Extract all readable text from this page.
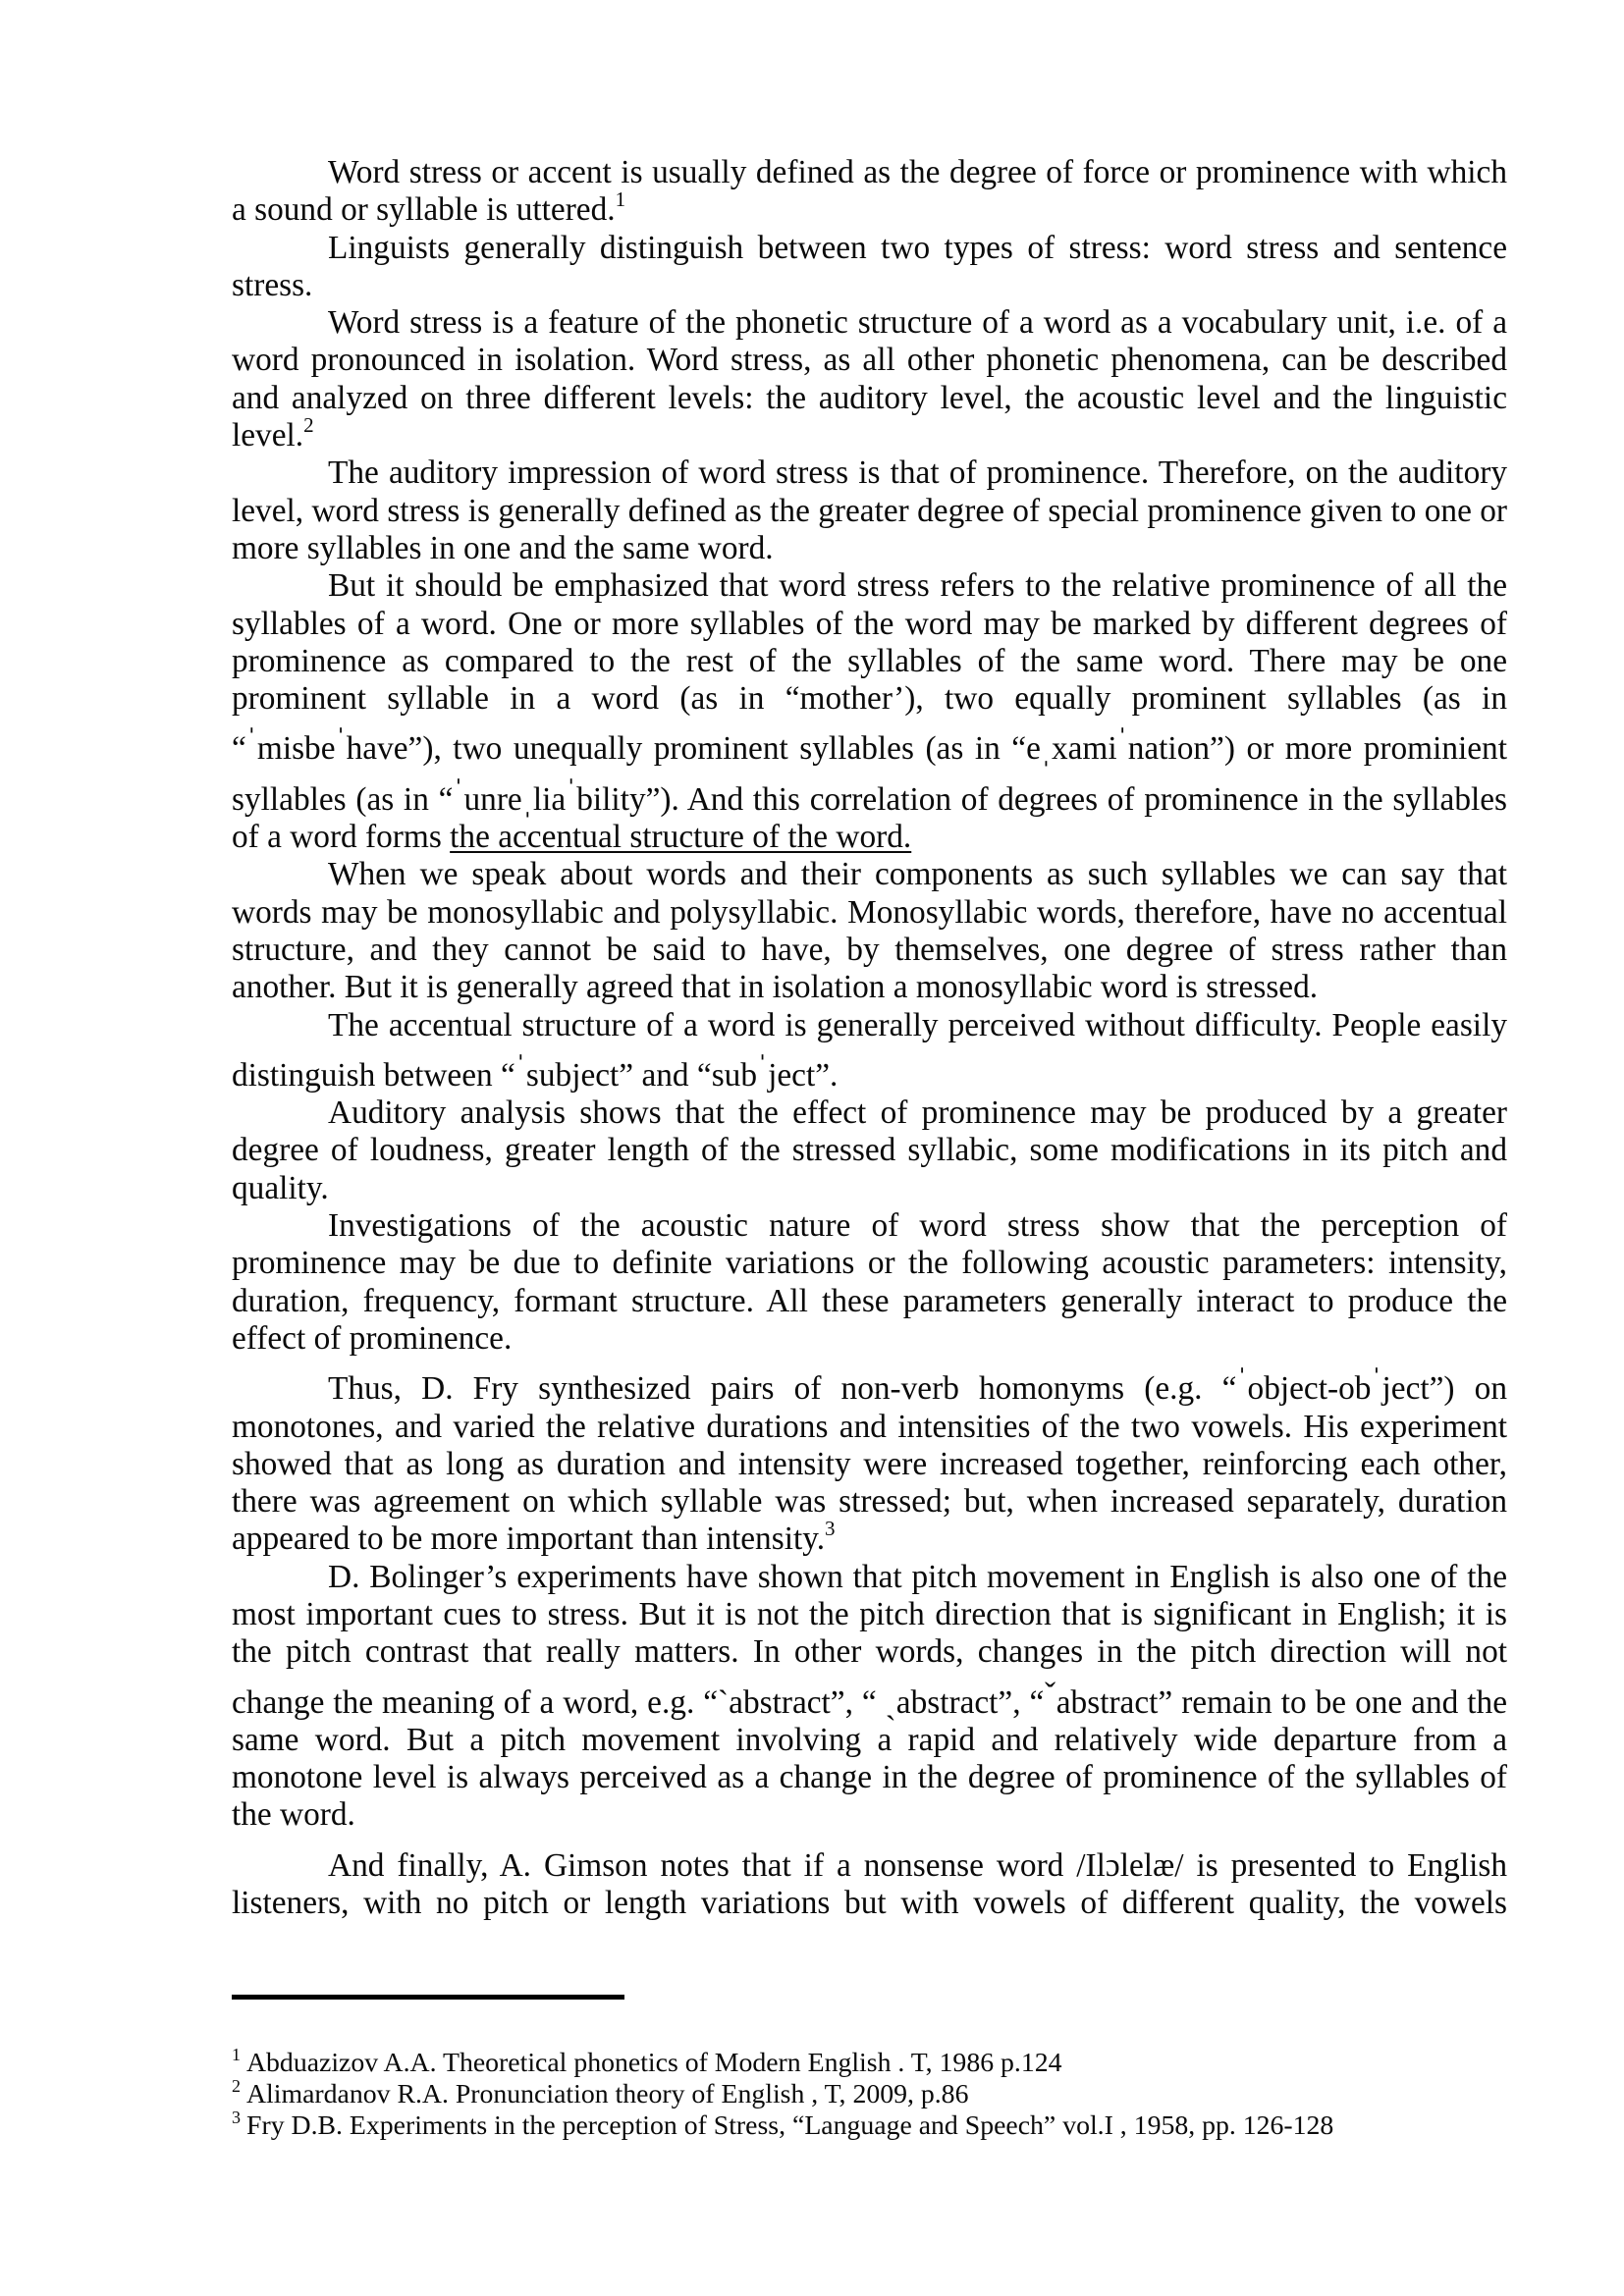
Word stress or accent is usually defined as the degree of force or prominence with which a sound or syllable is uttered.$^1$

Linguists generally distinguish between two types of stress: word stress and sentence stress.

Word stress is a feature of the phonetic structure of a word as a vocabulary unit, i.e. of a word pronounced in isolation. Word stress, as all other phonetic phenomena, can be described and analyzed on three different levels: the auditory level, the acoustic level and the linguistic level.$^2$

The auditory impression of word stress is that of prominence. Therefore, on the auditory level, word stress is generally defined as the greater degree of special prominence given to one or more syllables in one and the same word.

But it should be emphasized that word stress refers to the relative prominence of all the syllables of a word. One or more syllables of the word may be marked by different degrees of prominence as compared to the rest of the syllables of the same word. There may be one prominent syllable in a word (as in “mother’), two equally prominent syllables (as in “ˈmisbeˈhave”), two unequally prominent syllables (as in “eˌxamiˈnation”) or more prominient syllables (as in “ˈunreˌliaˈbility”). And this correlation of degrees of prominence in the syllables of a word forms the accentual structure of the word.

When we speak about words and their components as such syllables we can say that words may be monosyllabic and polysyllabic. Monosyllabic words, therefore, have no accentual structure, and they cannot be said to have, by themselves, one degree of stress rather than another. But it is generally agreed that in isolation a monosyllabic word is stressed.

The accentual structure of a word is generally perceived without difficulty. People easily distinguish between “ˈsubject” and “subˈject”.

Auditory analysis shows that the effect of prominence may be produced by a greater degree of loudness, greater length of the stressed syllabic, some modifications in its pitch and quality.

Investigations of the acoustic nature of word stress show that the perception of prominence may be due to definite variations or the following acoustic parameters: intensity, duration, frequency, formant structure. All these parameters generally interact to produce the effect of prominence.

Thus, D. Fry synthesized pairs of non-verb homonyms (e.g. “ˈobject-obˈject”) on monotones, and varied the relative durations and intensities of the two vowels. His experiment showed that as long as duration and intensity were increased together, reinforcing each other, there was agreement on which syllable was stressed; but, when increased separately, duration appeared to be more important than intensity.$^3$

D. Bolinger’s experiments have shown that pitch movement in English is also one of the most important cues to stress. But it is not the pitch direction that is significant in English; it is the pitch contrast that really matters. In other words, changes in the pitch direction will not change the meaning of a word, e.g. “`abstract”, “ ˏabstract”, “ˇabstract” remain to be one and the same word. But a pitch movement involving a rapid and relatively wide departure from a monotone level is always perceived as a change in the degree of prominence of the syllables of the word.

And finally, A. Gimson notes that if a nonsense word /Ilɔlelæ/ is presented to English listeners, with no pitch or length variations but with vowels of different quality, the vowels

$^1$ Abduazizov A.A. Theoretical phonetics of Modern English . T, 1986 p.124

$^2$ Alimardanov R.A. Pronunciation theory of English , T, 2009, p.86

$^3$ Fry D.B. Experiments in the perception of Stress, “Language and Speech” vol.I , 1958, pp. 126-128
